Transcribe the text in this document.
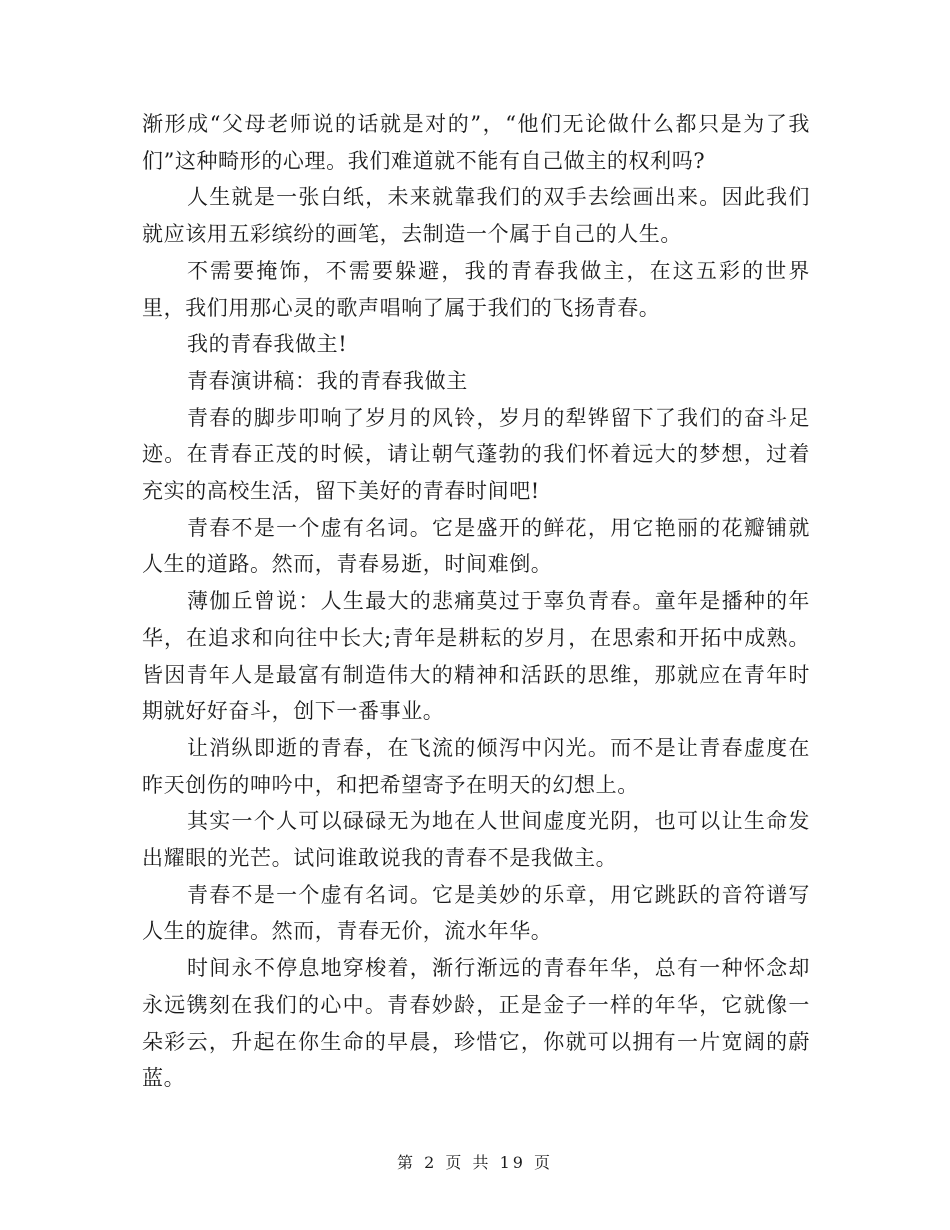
渐形成“父母老师说的话就是对的”，“他们无论做什么都只是为了我们”这种畸形的心理。我们难道就不能有自己做主的权利吗?

人生就是一张白纸，未来就靠我们的双手去绘画出来。因此我们就应该用五彩缤纷的画笔，去制造一个属于自己的人生。

不需要掩饰，不需要躲避，我的青春我做主，在这五彩的世界里，我们用那心灵的歌声唱响了属于我们的飞扬青春。

我的青春我做主!

青春演讲稿：我的青春我做主

青春的脚步叩响了岁月的风铃，岁月的犁铧留下了我们的奋斗足迹。在青春正茂的时候，请让朝气蓬勃的我们怀着远大的梦想，过着充实的高校生活，留下美好的青春时间吧!

青春不是一个虚有名词。它是盛开的鲜花，用它艳丽的花瓣铺就人生的道路。然而，青春易逝，时间难倒。

薄伽丘曾说：人生最大的悲痛莫过于辜负青春。童年是播种的年华，在追求和向往中长大;青年是耕耘的岁月，在思索和开拓中成熟。皆因青年人是最富有制造伟大的精神和活跃的思维，那就应在青年时期就好好奋斗，创下一番事业。

让消纵即逝的青春，在飞流的倾泻中闪光。而不是让青春虚度在昨天创伤的呻吟中，和把希望寄予在明天的幻想上。

其实一个人可以碌碌无为地在人世间虚度光阴，也可以让生命发出耀眼的光芒。试问谁敢说我的青春不是我做主。

青春不是一个虚有名词。它是美妙的乐章，用它跳跃的音符谱写人生的旋律。然而，青春无价，流水年华。

时间永不停息地穿梭着，渐行渐远的青春年华，总有一种怀念却永远镌刻在我们的心中。青春妙龄，正是金子一样的年华，它就像一朵彩云，升起在你生命的早晨，珍惜它，你就可以拥有一片宽阔的蔚蓝。

第 2 页 共 19 页
